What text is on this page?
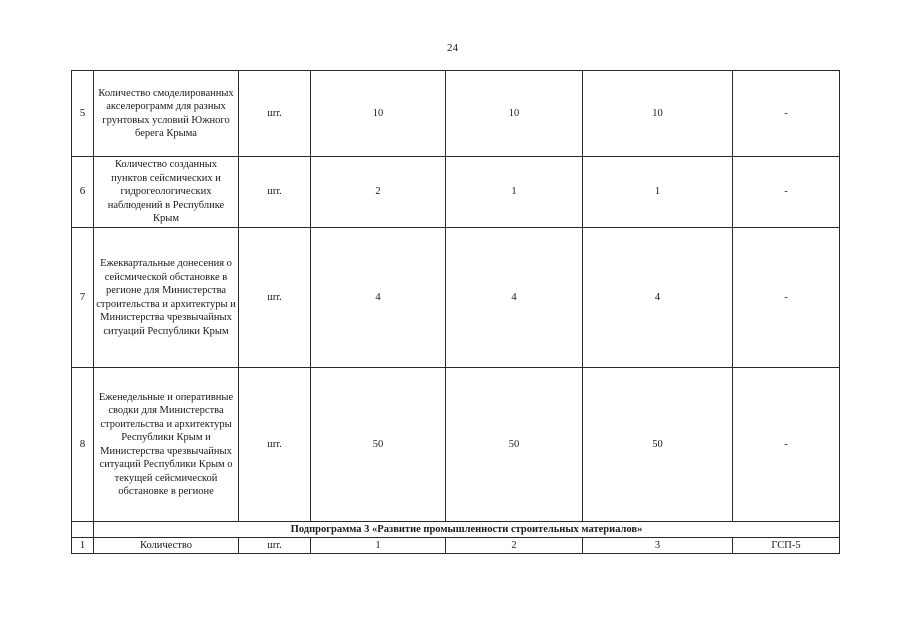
24
5	Количество смоделированных акселерограмм для разных грунтовых условий Южного берега Крыма	шт.	10	10	10	-
6	Количество созданных пунктов сейсмических и гидрогеологических наблюдений в Республике Крым	шт.	2	1	1	-
7	Ежеквартальные донесения о сейсмической обстановке в регионе для Министерства строительства и архитектуры и Министерства чрезвычайных ситуаций Республики Крым	шт.	4	4	4	-
8	Еженедельные и оперативные сводки для Министерства строительства и архитектуры Республики Крым и Министерства чрезвычайных ситуаций Республики Крым о текущей сейсмической обстановке в регионе	шт.	50	50	50	-
	Подпрограмма 3 «Развитие промышленности строительных материалов»					
1	Количество	шт.	1	2	3	ГСП-5
